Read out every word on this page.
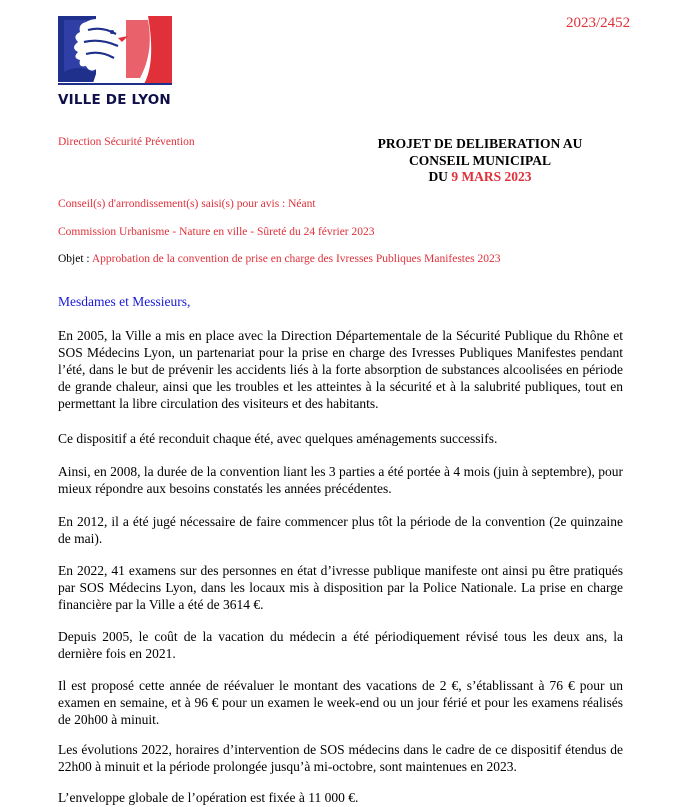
VILLE DE LYON
2023/2452
Direction Sécurité Prévention	PROJET DE DELIBERATION AU
CONSEIL MUNICIPAL
DU 9 MARS 2023
Conseil(s) d'arrondissement(s) saisi(s) pour avis : Néant
Commission Urbanisme - Nature en ville - Sûreté du 24 février 2023
Objet : Approbation de la convention de prise en charge des Ivresses Publiques Manifestes 2023
Mesdames et Messieurs,
En 2005, la Ville a mis en place avec la Direction Départementale de la Sécurité Publique du Rhône et SOS Médecins Lyon, un partenariat pour la prise en charge des Ivresses Publiques Manifestes pendant l’été, dans le but de prévenir les accidents liés à la forte absorption de substances alcoolisées en période de grande chaleur, ainsi que les troubles et les atteintes à la sécurité et à la salubrité publiques, tout en permettant la libre circulation des visiteurs et des habitants.
Ce dispositif a été reconduit chaque été, avec quelques aménagements successifs.
Ainsi, en 2008, la durée de la convention liant les 3 parties a été portée à 4 mois (juin à septembre), pour mieux répondre aux besoins constatés les années précédentes.
En 2012, il a été jugé nécessaire de faire commencer plus tôt la période de la convention (2e quinzaine de mai).
En 2022, 41 examens sur des personnes en état d’ivresse publique manifeste ont ainsi pu être pratiqués par SOS Médecins Lyon, dans les locaux mis à disposition par la Police Nationale. La prise en charge financière par la Ville a été de 3614 €.
Depuis 2005, le coût de la vacation du médecin a été périodiquement révisé tous les deux ans, la dernière fois en 2021.
Il est proposé cette année de réévaluer le montant des vacations de 2 €, s’établissant à 76 € pour un examen en semaine, et à 96 € pour un examen le week-end ou un jour férié et pour les examens réalisés de 20h00 à minuit.
Les évolutions 2022, horaires d’intervention de SOS médecins dans le cadre de ce dispositif étendus de 22h00 à minuit et la période prolongée jusqu’à mi-octobre, sont maintenues en 2023.
L’enveloppe globale de l’opération est fixée à 11 000 €.
